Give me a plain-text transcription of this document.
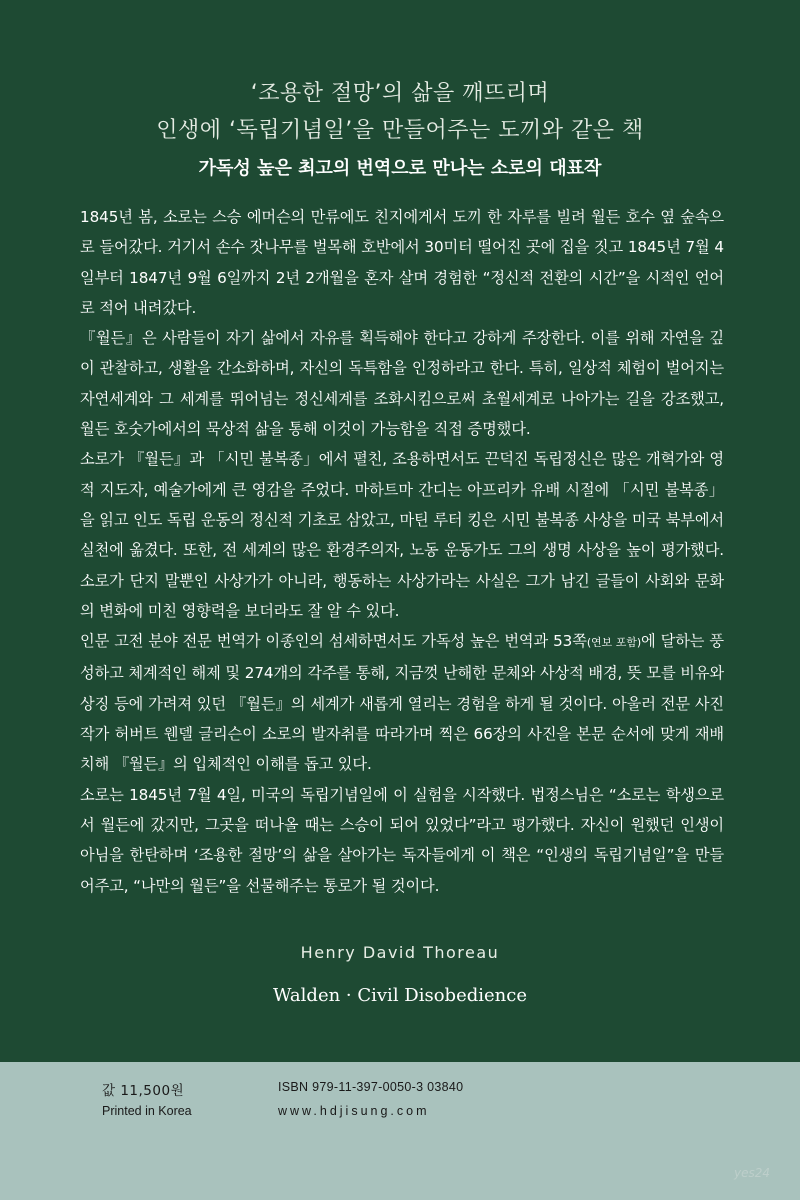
‘조용한 절망’의 삶을 깨뜨리며
인생에 ‘독립기념일’을 만들어주는 도끼와 같은 책
가독성 높은 최고의 번역으로 만나는 소로의 대표작

1845년 봄, 소로는 스승 에머슨의 만류에도 친지에게서 도끼 한 자루를 빌려 월든 호수 옆 숲속으로 들어갔다. 거기서 손수 잣나무를 벌목해 호반에서 30미터 떨어진 곳에 집을 짓고 1845년 7월 4일부터 1847년 9월 6일까지 2년 2개월을 혼자 살며 경험한 “정신적 전환의 시간”을 시적인 언어로 적어 내려갔다.

『월든』은 사람들이 자기 삶에서 자유를 획득해야 한다고 강하게 주장한다. 이를 위해 자연을 깊이 관찰하고, 생활을 간소화하며, 자신의 독특함을 인정하라고 한다. 특히, 일상적 체험이 벌어지는 자연세계와 그 세계를 뛰어넘는 정신세계를 조화시킴으로써 초월세계로 나아가는 길을 강조했고, 월든 호숫가에서의 묵상적 삶을 통해 이것이 가능함을 직접 증명했다.

소로가 『월든』과 「시민 불복종」에서 펼친, 조용하면서도 끈덕진 독립정신은 많은 개혁가와 영적 지도자, 예술가에게 큰 영감을 주었다. 마하트마 간디는 아프리카 유배 시절에 「시민 불복종」을 읽고 인도 독립 운동의 정신적 기초로 삼았고, 마틴 루터 킹은 시민 불복종 사상을 미국 북부에서 실천에 옮겼다. 또한, 전 세계의 많은 환경주의자, 노동 운동가도 그의 생명 사상을 높이 평가했다. 소로가 단지 말뿐인 사상가가 아니라, 행동하는 사상가라는 사실은 그가 남긴 글들이 사회와 문화의 변화에 미친 영향력을 보더라도 잘 알 수 있다.

인문 고전 분야 전문 번역가 이종인의 섬세하면서도 가독성 높은 번역과 53쪽(연보 포함)에 달하는 풍성하고 체계적인 해제 및 274개의 각주를 통해, 지금껏 난해한 문체와 사상적 배경, 뜻 모를 비유와 상징 등에 가려져 있던 『월든』의 세계가 새롭게 열리는 경험을 하게 될 것이다. 아울러 전문 사진작가 허버트 웬델 글리슨이 소로의 발자취를 따라가며 찍은 66장의 사진을 본문 순서에 맞게 재배치해 『월든』의 입체적인 이해를 돕고 있다.

소로는 1845년 7월 4일, 미국의 독립기념일에 이 실험을 시작했다. 법정스님은 “소로는 학생으로서 월든에 갔지만, 그곳을 떠나올 때는 스승이 되어 있었다”라고 평가했다. 자신이 원했던 인생이 아님을 한탄하며 ‘조용한 절망’의 삶을 살아가는 독자들에게 이 책은 “인생의 독립기념일”을 만들어주고, “나만의 월든”을 선물해주는 통로가 될 것이다.

Henry David Thoreau
Walden · Civil Disobedience
값 11,500원
Printed in Korea
ISBN 979-11-397-0050-3 03840
www.hdjisung.com
yes24
